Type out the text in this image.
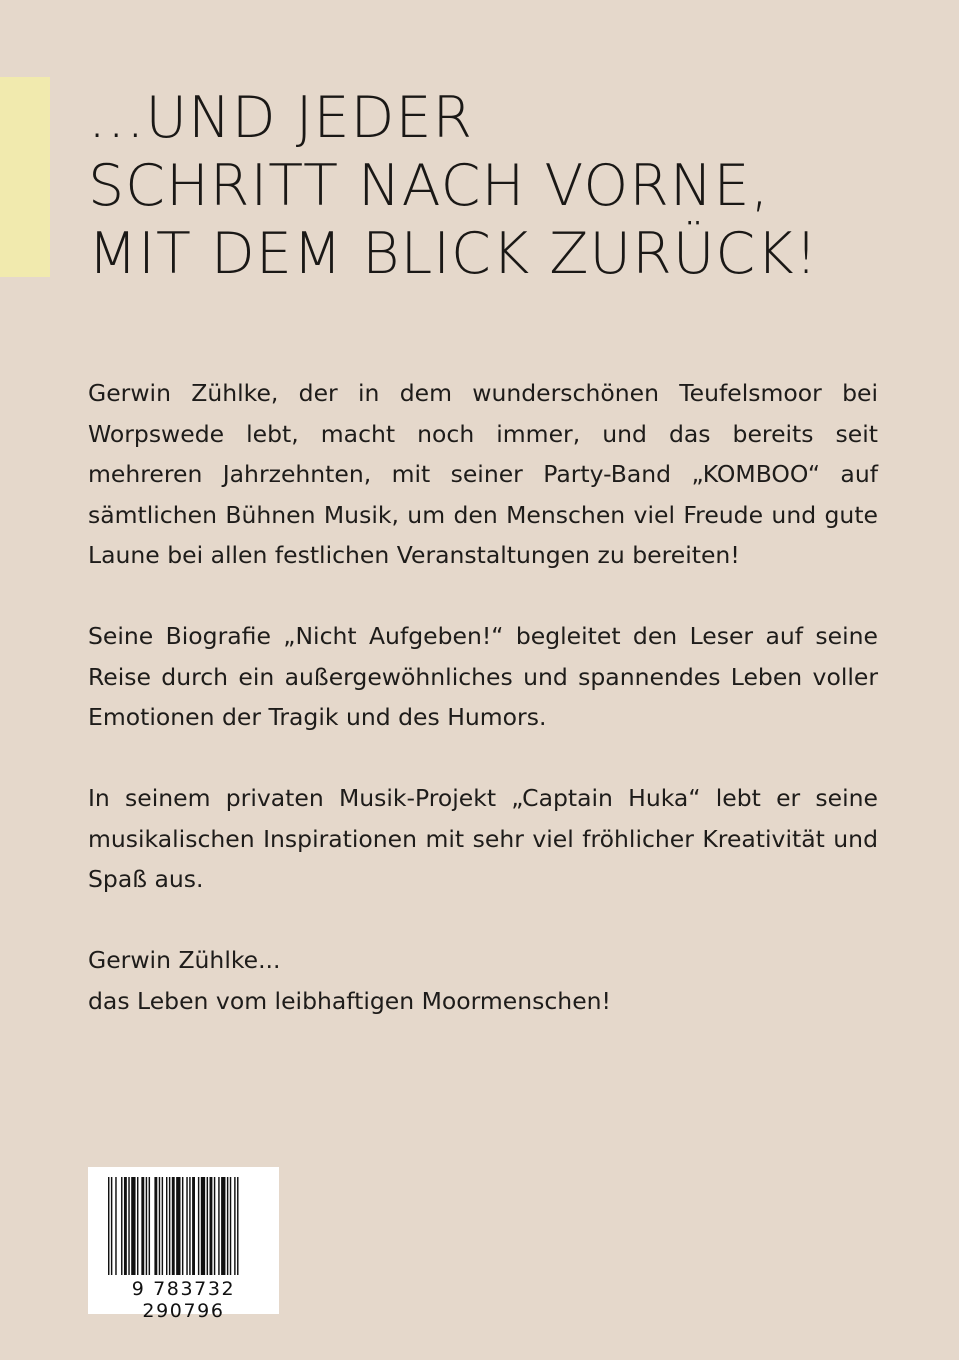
...UND JEDER
SCHRITT NACH VORNE,
MIT DEM BLICK ZURÜCK!

Gerwin Zühlke, der in dem wunderschönen Teufelsmoor bei Worpswede lebt, macht noch immer, und das bereits seit mehreren Jahrzehnten, mit seiner Party-Band „KOMBOO“ auf sämtlichen Bühnen Musik, um den Menschen viel Freude und gute Laune bei allen festlichen Veranstaltungen zu bereiten!

Seine Biografie „Nicht Aufgeben!“ begleitet den Leser auf seine Reise durch ein außergewöhnliches und spannendes Leben voller Emotionen der Tragik und des Humors.

In seinem privaten Musik-Projekt „Captain Huka“ lebt er seine musikalischen Inspirationen mit sehr viel fröhlicher Kreativität und Spaß aus.

Gerwin Zühlke...
das Leben vom leibhaftigen Moormenschen!

9 783732 290796
